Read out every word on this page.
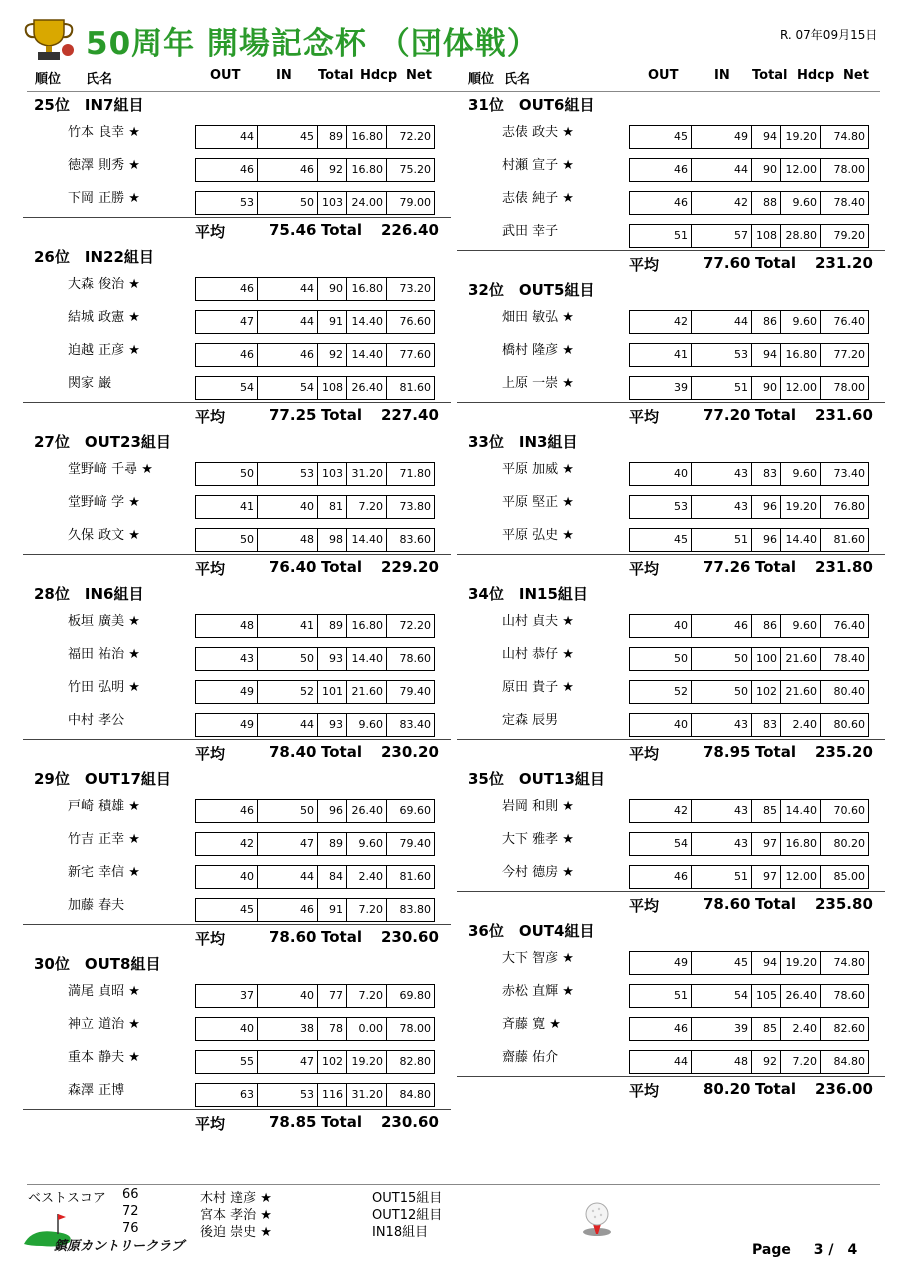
50周年 開場記念杯 （団体戦）	R. 07年09月15日
順位 氏名	OUT	IN Total Hdcp Net	順位 氏名	OUT	IN Total Hdcp Net
25位　IN7組目
竹本 良幸 ★	44	45	89 16.80	72.20
徳澤 則秀 ★	46	46	92 16.80	75.20
下岡 正勝 ★	53	50 103 24.00	79.00
平均	75.46 Total 226.40
26位　IN22組目
大森 俊治 ★	46	44	90 16.80	73.20
結城 政憲 ★	47	44	91 14.40	76.60
迫越 正彦 ★	46	46	92 14.40	77.60
関家 巌	54	54 108 26.40	81.60
平均	77.25 Total 227.40
27位　OUT23組目
堂野﨑 千尋 ★	50	53 103 31.20	71.80
堂野﨑 学 ★	41	40	81	7.20	73.80
久保 政文 ★	50	48	98 14.40	83.60
平均	76.40 Total 229.20
28位　IN6組目
板垣 廣美 ★	48	41	89 16.80	72.20
福田 祐治 ★	43	50	93 14.40	78.60
竹田 弘明 ★	49	52 101 21.60	79.40
中村 孝公	49	44	93	9.60	83.40
平均	78.40 Total 230.20
29位　OUT17組目
戸崎 積雄 ★	46	50	96 26.40	69.60
竹吉 正幸 ★	42	47	89	9.60	79.40
新宅 幸信 ★	40	44	84	2.40	81.60
加藤 春夫	45	46	91	7.20	83.80
平均	78.60 Total 230.60
30位　OUT8組目
満尾 貞昭 ★	37	40	77	7.20	69.80
神立 道治 ★	40	38	78	0.00	78.00
重本 静夫 ★	55	47 102 19.20	82.80
森澤 正博	63	53 116 31.20	84.80
平均	78.85 Total 230.60
31位　OUT6組目
志俵 政夫 ★	45	49	94 19.20	74.80
村瀬 宣子 ★	46	44	90 12.00	78.00
志俵 純子 ★	46	42	88	9.60	78.40
武田 幸子	51	57 108 28.80	79.20
平均	77.60 Total 231.20
32位　OUT5組目
畑田 敏弘 ★	42	44	86	9.60	76.40
橋村 隆彦 ★	41	53	94 16.80	77.20
上原 一崇 ★	39	51	90 12.00	78.00
平均	77.20 Total 231.60
33位　IN3組目
平原 加威 ★	40	43	83	9.60	73.40
平原 堅正 ★	53	43	96 19.20	76.80
平原 弘史 ★	45	51	96 14.40	81.60
平均	77.26 Total 231.80
34位　IN15組目
山村 貞夫 ★	40	46	86	9.60	76.40
山村 恭仔 ★	50	50 100 21.60	78.40
原田 貴子 ★	52	50 102 21.60	80.40
定森 辰男	40	43	83	2.40	80.60
平均	78.95 Total 235.20
35位　OUT13組目
岩岡 和則 ★	42	43	85 14.40	70.60
大下 雅孝 ★	54	43	97 16.80	80.20
今村 德房 ★	46	51	97 12.00	85.00
平均	78.60 Total 235.80
36位　OUT4組目
大下 智彦 ★	49	45	94 19.20	74.80
赤松 直輝 ★	51	54 105 26.40	78.60
斉藤 寛 ★	46	39	85	2.40	82.60
齋藤 佑介	44	48	92	7.20	84.80
平均	80.20 Total 236.00
ベストスコア 66	木村 達彦 ★	OUT15組目
72	宮本 孝治 ★	OUT12組目
76	後迫 崇史 ★	IN18組目
鎮原カントリークラブ	Page 3 /　4
